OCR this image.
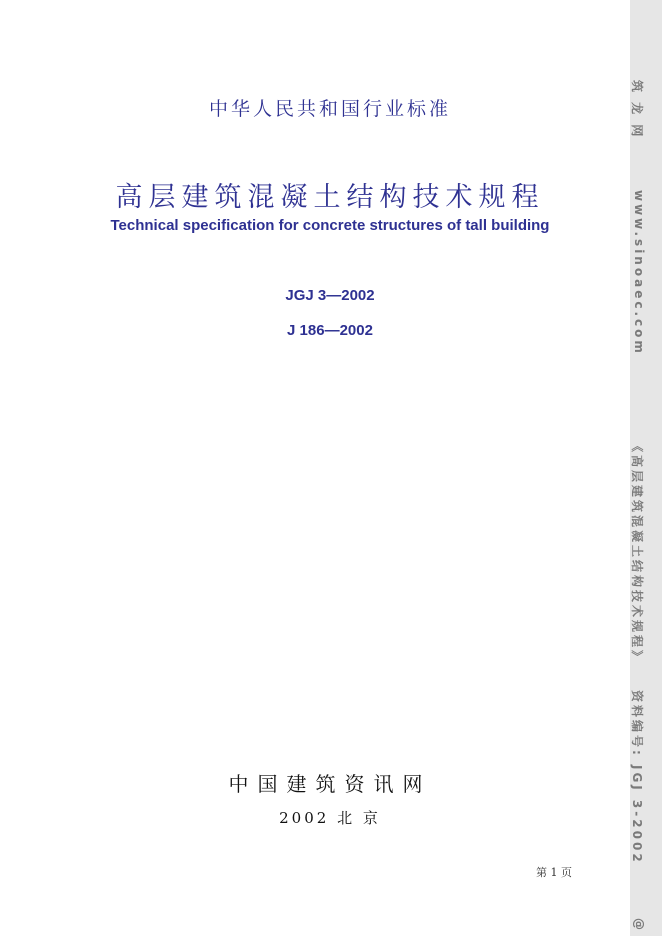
中华人民共和国行业标准

高层建筑混凝土结构技术规程

Technical specification for concrete structures of tall building

JGJ 3—2002

J 186—2002

中国建筑资讯网

2002 北 京

第 1 页
筑 龙 网
www.sinoaec.com
《高层建筑混凝土结构技术规程》
资料编号: JGJ 3-2002
@
